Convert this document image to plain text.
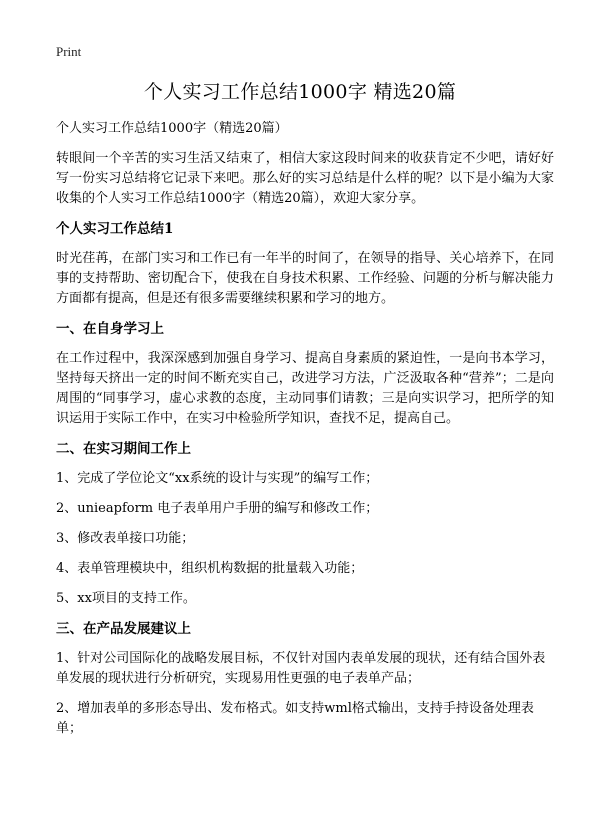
Print
个人实习工作总结1000字 精选20篇

个人实习工作总结1000字（精选20篇）

转眼间一个辛苦的实习生活又结束了，相信大家这段时间来的收获肯定不少吧，请好好写一份实习总结将它记录下来吧。那么好的实习总结是什么样的呢？以下是小编为大家收集的个人实习工作总结1000字（精选20篇），欢迎大家分享。

个人实习工作总结1

时光荏苒，在部门实习和工作已有一年半的时间了，在领导的指导、关心培养下，在同事的支持帮助、密切配合下，使我在自身技术积累、工作经验、问题的分析与解决能力方面都有提高，但是还有很多需要继续积累和学习的地方。

一、在自身学习上

在工作过程中，我深深感到加强自身学习、提高自身素质的紧迫性，一是向书本学习，坚持每天挤出一定的时间不断充实自己，改进学习方法，广泛汲取各种“营养”；二是向周围的“同事学习，虚心求教的态度，主动同事们请教；三是向实识学习，把所学的知识运用于实际工作中，在实习中检验所学知识，查找不足，提高自己。

二、在实习期间工作上

1、完成了学位论文“xx系统的设计与实现”的编写工作；

2、unieapform 电子表单用户手册的编写和修改工作；

3、修改表单接口功能；

4、表单管理模块中，组织机构数据的批量载入功能；

5、xx项目的支持工作。

三、在产品发展建议上

1、针对公司国际化的战略发展目标，不仅针对国内表单发展的现状，还有结合国外表单发展的现状进行分析研究，实现易用性更强的电子表单产品；

2、增加表单的多形态导出、发布格式。如支持wml格式输出，支持手持设备处理表单；
